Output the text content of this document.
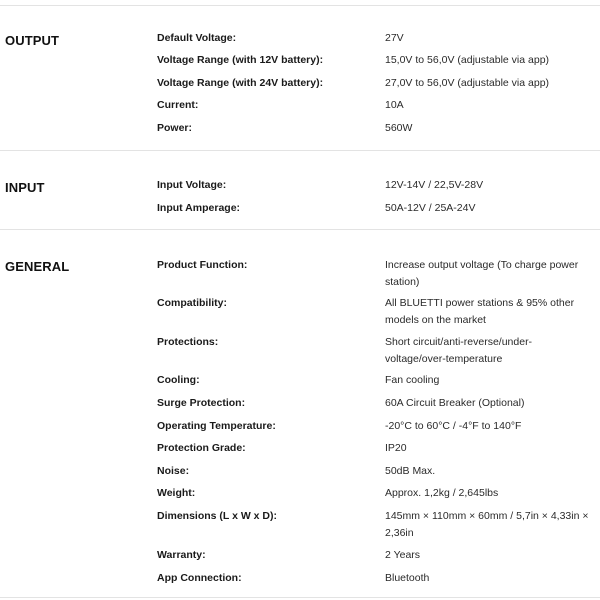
OUTPUT	Default Voltage:	27V
Voltage Range (with 12V battery):	15,0V to 56,0V (adjustable via app)
Voltage Range (with 24V battery):	27,0V to 56,0V (adjustable via app)
Current:	10A
Power:	560W
INPUT	Input Voltage:	12V-14V / 22,5V-28V
Input Amperage:	50A-12V / 25A-24V
GENERAL	Product Function:	Increase output voltage (To charge power station)
Compatibility:	All BLUETTI power stations & 95% other models on the market
Protections:	Short circuit/anti-reverse/under-voltage/over-temperature
Cooling:	Fan cooling
Surge Protection:	60A Circuit Breaker (Optional)
Operating Temperature:	-20°C to 60°C / -4°F to 140°F
Protection Grade:	IP20
Noise:	50dB Max.
Weight:	Approx. 1,2kg / 2,645lbs
Dimensions (L x W x D):	145mm × 110mm × 60mm / 5,7in × 4,33in × 2,36in
Warranty:	2 Years
App Connection:	Bluetooth
